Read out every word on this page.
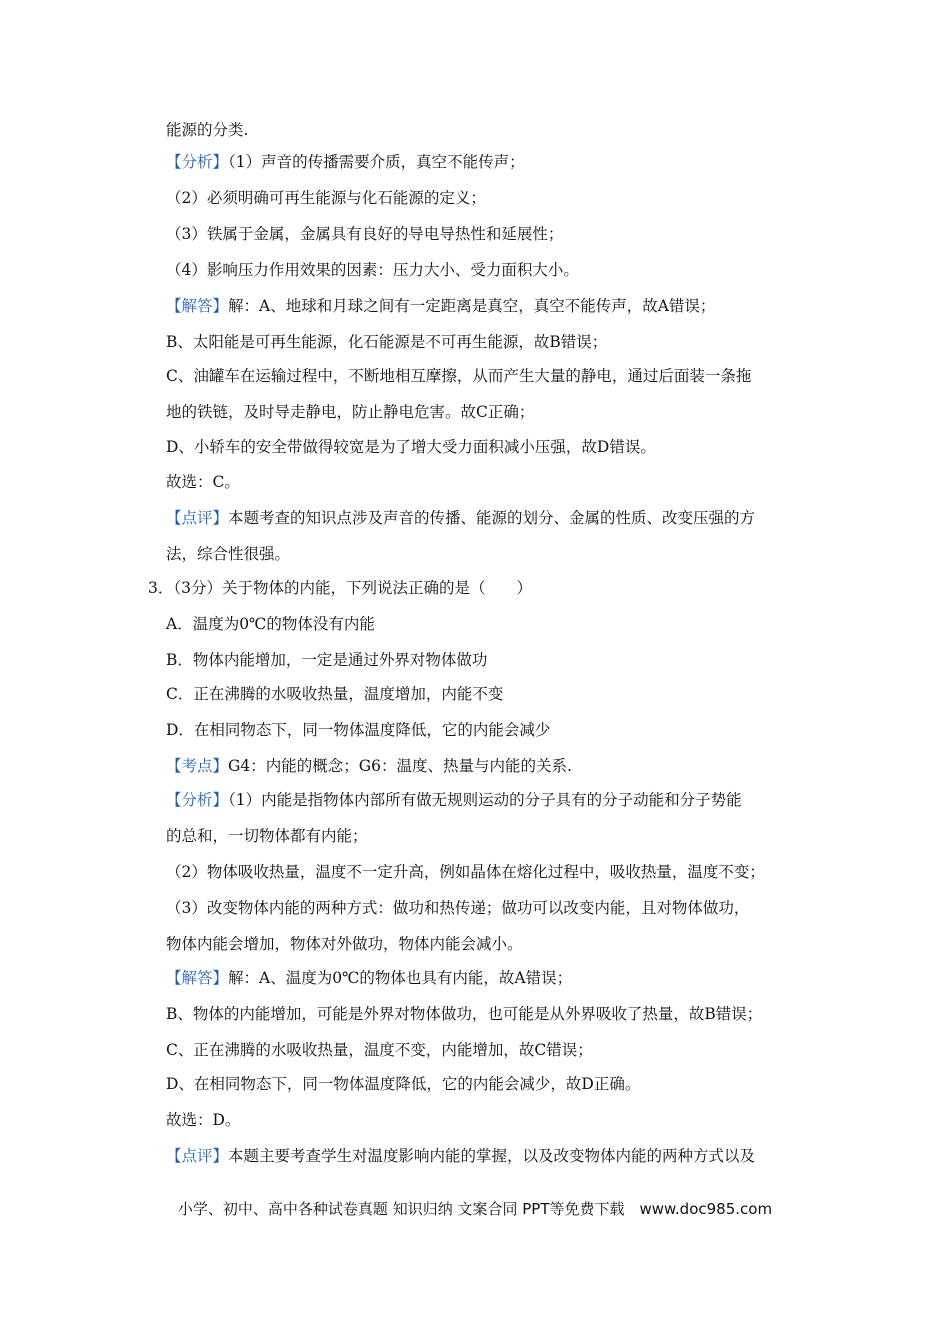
能源的分类.
【分析】（1）声音的传播需要介质，真空不能传声；
（2）必须明确可再生能源与化石能源的定义；
（3）铁属于金属，金属具有良好的导电导热性和延展性；
（4）影响压力作用效果的因素：压力大小、受力面积大小。
【解答】解：A、地球和月球之间有一定距离是真空，真空不能传声，故A错误；
B、太阳能是可再生能源，化石能源是不可再生能源，故B错误；
C、油罐车在运输过程中，不断地相互摩擦，从而产生大量的静电，通过后面装一条拖
地的铁链，及时导走静电，防止静电危害。故C正确；
D、小轿车的安全带做得较宽是为了增大受力面积减小压强，故D错误。
故选：C。
【点评】本题考查的知识点涉及声音的传播、能源的划分、金属的性质、改变压强的方
法，综合性很强。
3．（3分）关于物体的内能，下列说法正确的是（　　）
A．温度为0℃的物体没有内能
B．物体内能增加，一定是通过外界对物体做功
C．正在沸腾的水吸收热量，温度增加，内能不变
D．在相同物态下，同一物体温度降低，它的内能会减少
【考点】G4：内能的概念；G6：温度、热量与内能的关系.
【分析】（1）内能是指物体内部所有做无规则运动的分子具有的分子动能和分子势能
的总和，一切物体都有内能；
（2）物体吸收热量，温度不一定升高，例如晶体在熔化过程中，吸收热量，温度不变；
（3）改变物体内能的两种方式：做功和热传递；做功可以改变内能，且对物体做功，
物体内能会增加，物体对外做功，物体内能会减小。
【解答】解：A、温度为0℃的物体也具有内能，故A错误；
B、物体的内能增加，可能是外界对物体做功，也可能是从外界吸收了热量，故B错误；
C、正在沸腾的水吸收热量，温度不变，内能增加，故C错误；
D、在相同物态下，同一物体温度降低，它的内能会减少，故D正确。
故选：D。
【点评】本题主要考查学生对温度影响内能的掌握，以及改变物体内能的两种方式以及
小学、初中、高中各种试卷真题 知识归纳 文案合同 PPT等免费下载　www.doc985.com
